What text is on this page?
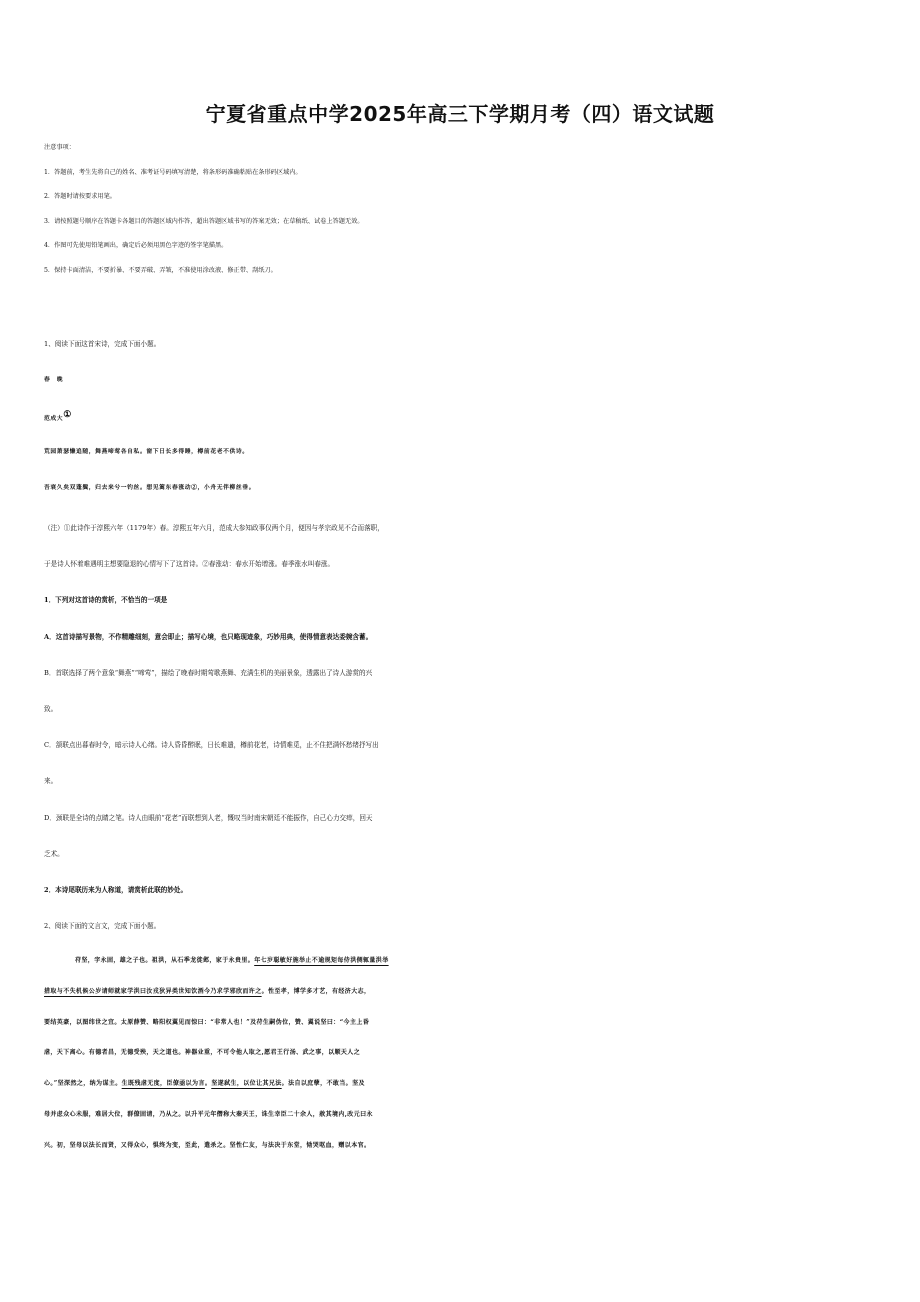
宁夏省重点中学2025年高三下学期月考（四）语文试题
注意事项：
1．答题前，考生先将自己的姓名、准考证号码填写清楚，将条形码准确粘贴在条形码区域内。
2．答题时请按要求用笔。
3．请按照题号顺序在答题卡各题目的答题区域内作答，超出答题区域书写的答案无效；在草稿纸、试卷上答题无效。
4．作图可先使用铅笔画出，确定后必须用黑色字迹的签字笔描黑。
5．保持卡面清洁，不要折暴、不要弄破、弄皱，不准使用涂改液、修正带、刮纸刀。
1、阅读下面这首宋诗，完成下面小题。
春　晚
范成大①
荒园萧瑟懒追随，舞燕啼莺各自私。窗下日长多得睡，樽前花老不供诗。
吾衰久矣双蓬鬓，归去来兮一钓丝。想见篱东春涨动②，小舟无伴柳丝垂。
（注）①此诗作于淳熙六年（1179年）春。淳熙五年六月，范成大参知政事仅两个月，便因与孝宗政见不合而落职，
于是诗人怀着难遇明主想要隐退的心情写下了这首诗。②春涨动：春水开始增涨。春季涨水叫春涨。
1．下列对这首诗的赏析，不恰当的一项是
A．这首诗描写景物，不作精雕细刻，意会即止；描写心境，也只略现迹象，巧妙用典，使得情意表达委婉含蓄。
B．首联选择了两个意象“舞燕”“啼莺”，描绘了晚春时期莺歌燕舞、充满生机的美丽景象，透露出了诗人游赏的兴
致。
C．颔联点出暮春时令，暗示诗人心绪。诗人昏昏醉眠，日长难遣，樽前花老，诗情难觅，止不住把满怀愁绪抒写出
来。
D．颈联是全诗的点睛之笔。诗人由眼前“花老”而联想到人老，慨叹当时南宋朝廷不能振作，自己心力交瘁，回天
乏术。
2．本诗尾联历来为人称道，请赏析此联的妙处。
2、阅读下面的文言文，完成下面小题。
苻坚，字永固，雄之子也。祖洪，从石季龙徙邺，家于永贵里。年七岁聪敏好施举止不逾规矩每侍洪侧辄量洪举
措取与不失机候公岁请师就家学洪曰汝戎狄异类世知饮酒今乃求学邪欣而许之。性至孝，博学多才艺，有经济大志，
要结英豪，以图纬世之宜。太原薛赞、略阳权翼见而惊曰：“非常人也！”及苻生嗣伪位，赞、翼说坚曰：“今主上昏
虐，天下离心。有德者昌，无德受殃，天之道也。神器业重，不可令他人取之,愿君王行汤、武之事，以顺天人之
心。”坚深然之，纳为谋主。生既残虐无度，臣僚亟以为言。坚遂弑生，以位让其兄法。法自以庶孽，不敢当。坚及
母并虑众心未服，难居大位，群僚固请，乃从之。以升平元年僭称大秦天王，诛生幸臣二十余人，赦其境内,改元曰永
兴。初，坚母以法长而贤，又得众心，惧终为变，至此，遣杀之。坚性仁友，与法决于东堂，恸哭呕血，赠以本官。
